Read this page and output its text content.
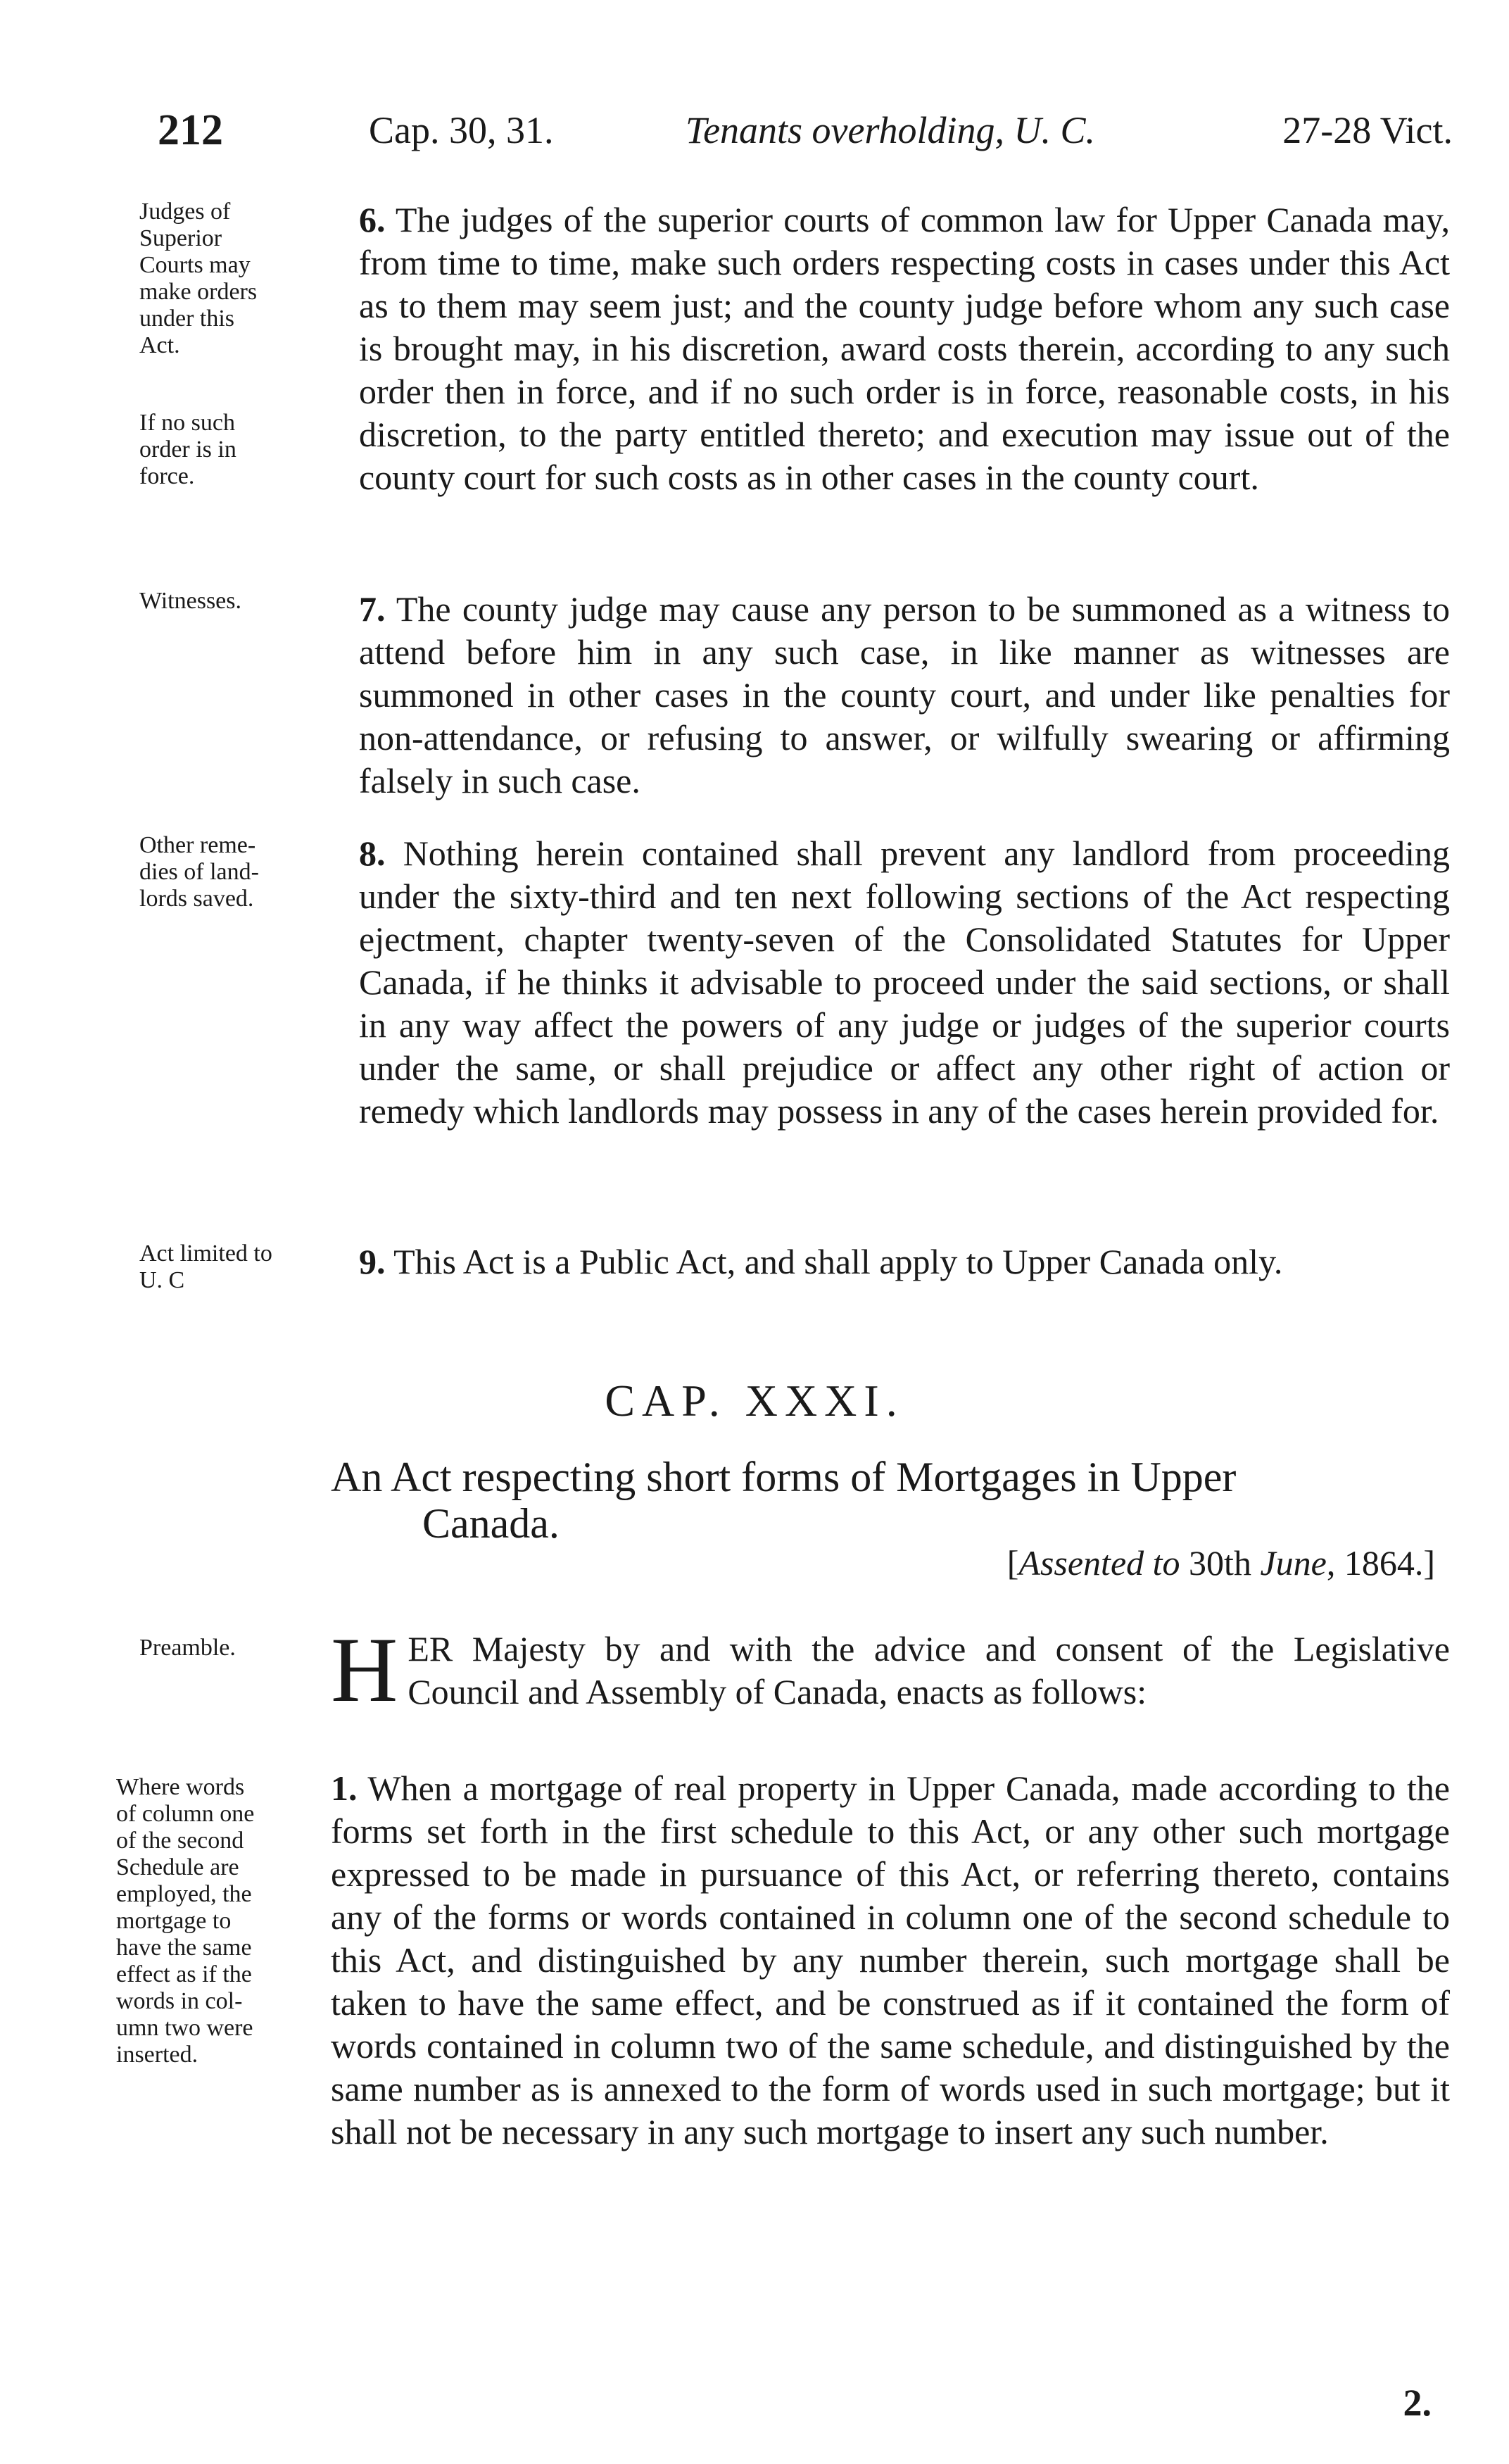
212	Cap. 30, 31.	Tenants overholding, U. C.	27-28 Vict.
Judges of
Superior
Courts may
make orders
under this
Act.
If no such
order is in
force.
6. The judges of the superior courts of common law for Upper Canada may, from time to time, make such orders respecting costs in cases under this Act as to them may seem just; and the county judge before whom any such case is brought may, in his discretion, award costs therein, according to any such order then in force, and if no such order is in force, reasonable costs, in his discretion, to the party entitled thereto; and execution may issue out of the county court for such costs as in other cases in the county court.
Witnesses.	7. The county judge may cause any person to be summoned as a witness to attend before him in any such case, in like manner as witnesses are summoned in other cases in the county court, and under like penalties for non-attendance, or refusing to answer, or wilfully swearing or affirming falsely in such case.
Other reme-
dies of land-
lords saved.
8. Nothing herein contained shall prevent any landlord from proceeding under the sixty-third and ten next following sections of the Act respecting ejectment, chapter twenty-seven of the Consolidated Statutes for Upper Canada, if he thinks it advisable to proceed under the said sections, or shall in any way affect the powers of any judge or judges of the superior courts under the same, or shall prejudice or affect any other right of action or remedy which landlords may possess in any of the cases herein provided for.
Act limited to
U. C	9. This Act is a Public Act, and shall apply to Upper Canada only.
CAP. XXXI.
An Act respecting short forms of Mortgages in Upper
Canada.
[Assented to 30th June, 1864.]
Preamble.	H ER Majesty by and with the advice and consent of the Legislative Council and Assembly of Canada, enacts as follows:
Where words
of column one
of the second
Schedule are
employed, the
mortgage to
have the same
effect as if the
words in col-
umn two were
inserted.
1. When a mortgage of real property in Upper Canada, made according to the forms set forth in the first schedule to this Act, or any other such mortgage expressed to be made in pursuance of this Act, or referring thereto, contains any of the forms or words contained in column one of the second schedule to this Act, and distinguished by any number therein, such mortgage shall be taken to have the same effect, and be construed as if it contained the form of words contained in column two of the same schedule, and distinguished by the same number as is annexed to the form of words used in such mortgage; but it shall not be necessary in any such mortgage to insert any such number.
2.
